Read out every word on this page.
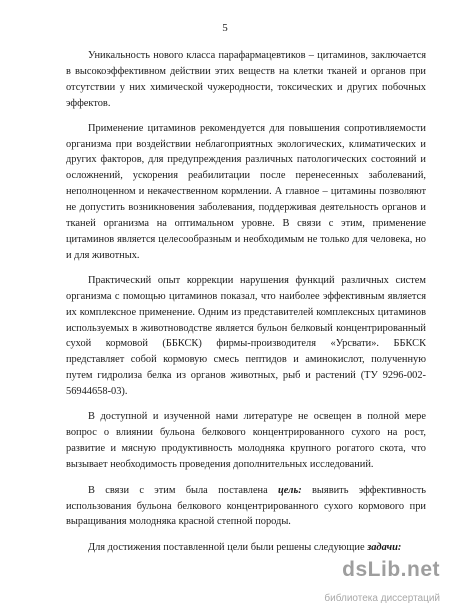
5

Уникальность нового класса парафармацевтиков – цитаминов, заключается в высокоэффективном действии этих веществ на клетки тканей и органов при отсутствии у них химической чужеродности, токсических и других побочных эффектов.

Применение цитаминов рекомендуется для повышения сопротивляемости организма при воздействии неблагоприятных экологических, климатических и других факторов, для предупреждения различных патологических состояний и осложнений, ускорения реабилитации после перенесенных заболеваний, неполноценном и некачественном кормлении. А главное – цитамины позволяют не допустить возникновения заболевания, поддерживая деятельность органов и тканей организма на оптимальном уровне. В связи с этим, применение цитаминов является целесообразным и необходимым не только для человека, но и для животных.

Практический опыт коррекции нарушения функций различных систем организма с помощью цитаминов показал, что наиболее эффективным является их комплексное применение. Одним из представителей комплексных цитаминов используемых в животноводстве является бульон белковый концентрированный сухой кормовой (ББКСК) фирмы-производителя «Урсвати». ББКСК представляет собой кормовую смесь пептидов и аминокислот, полученную путем гидролиза белка из органов животных, рыб и растений (ТУ 9296-002-56944658-03).

В доступной и изученной нами литературе не освещен в полной мере вопрос о влиянии бульона белкового концентрированного сухого на рост, развитие и мясную продуктивность молодняка крупного рогатого скота, что вызывает необходимость проведения дополнительных исследований.

В связи с этим была поставлена цель: выявить эффективность использования бульона белкового концентрированного сухого кормового при выращивания молодняка красной степной породы.

Для достижения поставленной цели были решены следующие задачи:

dsLib.net
библиотека диссертаций
